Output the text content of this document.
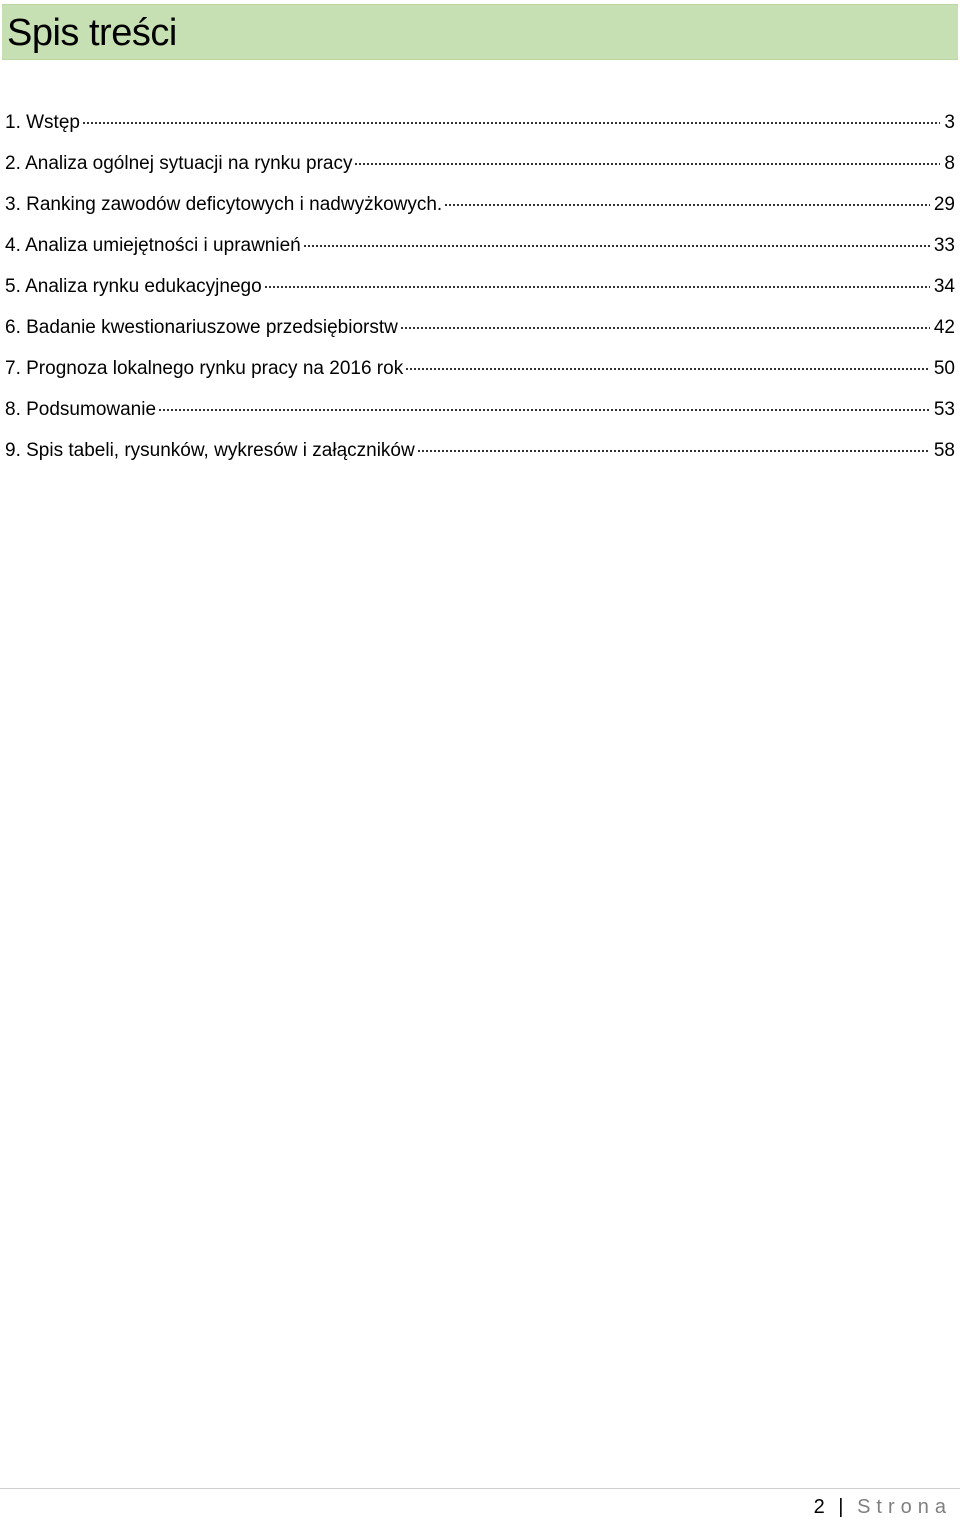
Spis treści
1. Wstęp	3
2. Analiza ogólnej sytuacji na rynku pracy	8
3. Ranking zawodów deficytowych i nadwyżkowych.	29
4. Analiza umiejętności i uprawnień	33
5. Analiza rynku edukacyjnego	34
6. Badanie kwestionariuszowe przedsiębiorstw	42
7. Prognoza lokalnego rynku pracy na 2016 rok	50
8. Podsumowanie	53
9. Spis tabeli, rysunków, wykresów i załączników	58
2 | Strona
